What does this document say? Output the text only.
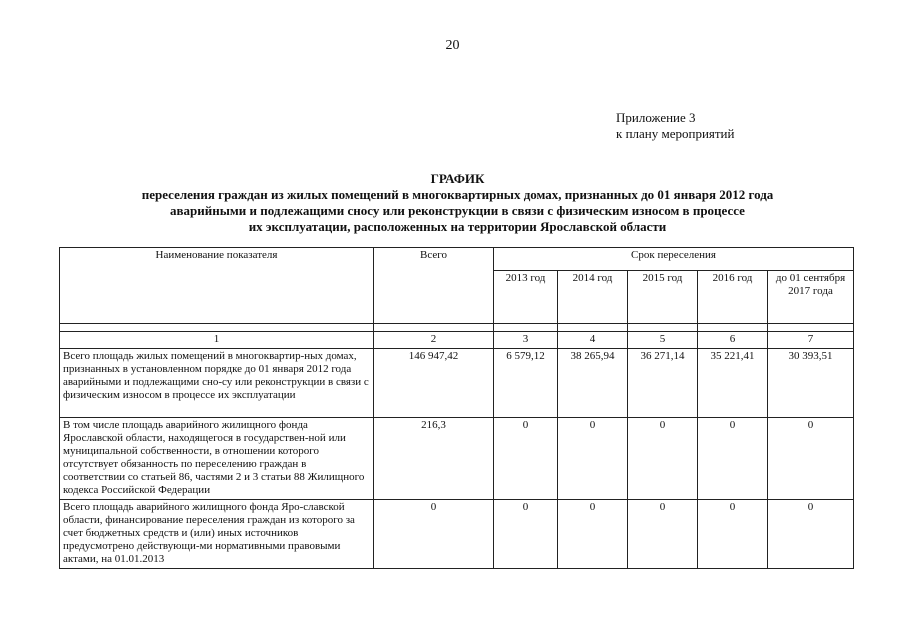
20
Приложение 3
к плану мероприятий
ГРАФИК
переселения граждан из жилых помещений в многоквартирных домах, признанных до 01 января 2012 года
аварийными и подлежащими сносу или реконструкции в связи с физическим износом в процессе
их эксплуатации, расположенных на территории Ярославской области
Наименование показателя	Всего	Срок переселения				
		2013 год	2014 год	2015 год	2016 год	до 01 сентября 2017 года

1	2	3	4	5	6	7
Всего площадь жилых помещений в многоквартир-ных домах, признанных в установленном порядке до 01 января 2012 года аварийными и подлежащими сно-су или реконструкции в связи с физическим износом в процессе их эксплуатации	146 947,42	6 579,12	38 265,94	36 271,14	35 221,41	30 393,51
В том числе площадь аварийного жилищного фонда Ярославской области, находящегося в государствен-ной или муниципальной собственности, в отношении которого отсутствует обязанность по переселению граждан в соответствии со статьей 86, частями 2 и 3 статьи 88 Жилищного кодекса Российской Федерации	216,3	0	0	0	0	0
Всего площадь аварийного жилищного фонда Яро-славской области, финансирование переселения граждан из которого за счет бюджетных средств и (или) иных источников предусмотрено действующи-ми нормативными правовыми актами, на 01.01.2013	0	0	0	0	0	0
